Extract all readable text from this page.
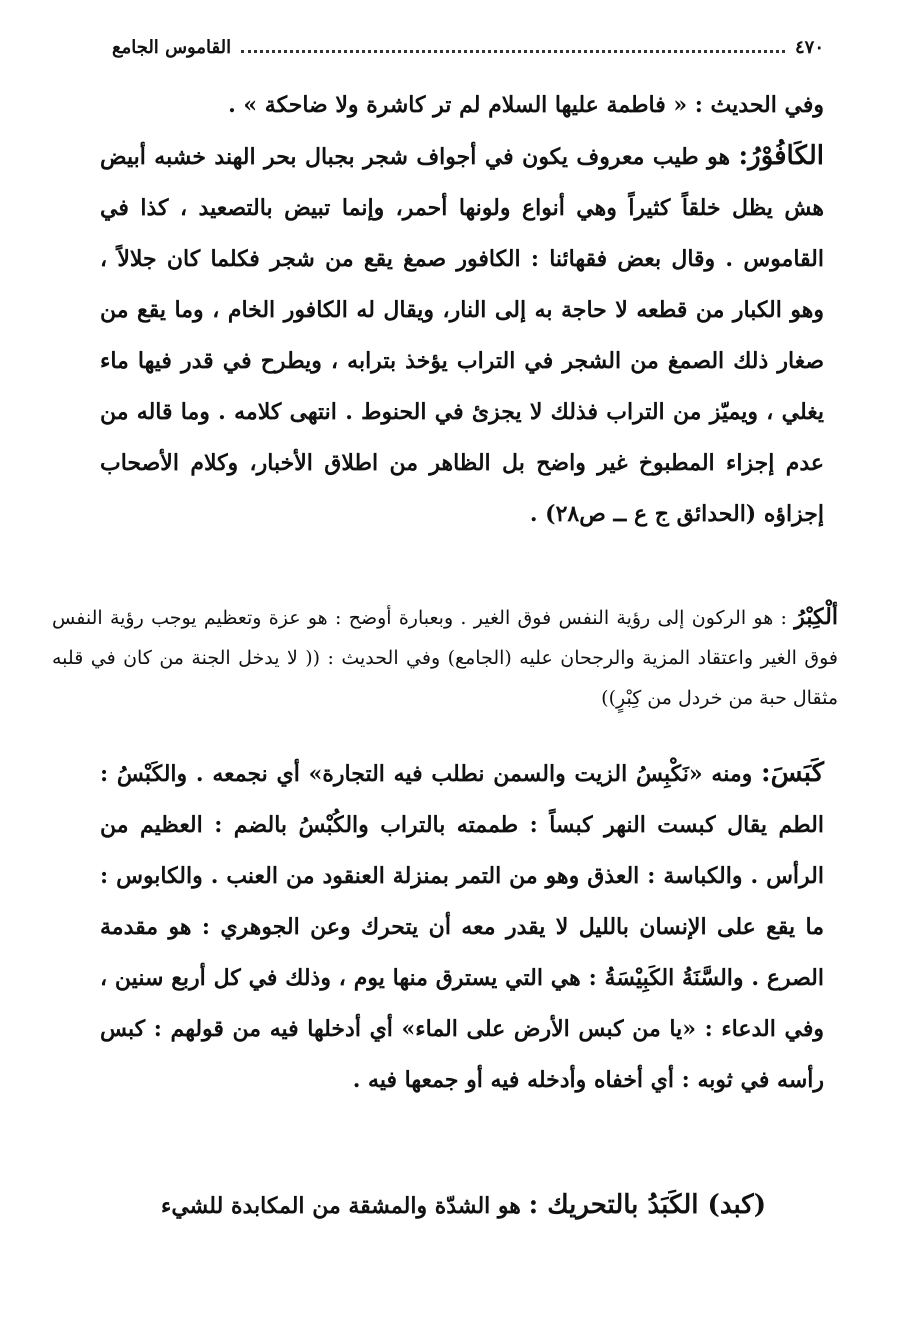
٤٧٠
القاموس الجامع

وفي الحديث : « فاطمة عليها السلام لم تر كاشرة ولا ضاحكة » .
الكَافُوْرُ: هو طيب معروف يكون في أجواف شجر بجبال بحر الهند خشبه أبيض هش يظل خلقاً كثيراً وهي أنواع ولونها أحمر، وإنما تبيض بالتصعيد ، كذا في القاموس . وقال بعض فقهائنا : الكافور صمغ يقع من شجر فكلما كان جلالاً ، وهو الكبار من قطعه لا حاجة به إلى النار، ويقال له الكافور الخام ، وما يقع من صغار ذلك الصمغ من الشجر في التراب يؤخذ بترابه ، ويطرح في قدر فيها ماء يغلي ، ويميّز من التراب فذلك لا يجزئ في الحنوط . انتهى كلامه . وما قاله من عدم إجزاء المطبوخ غير واضح بل الظاهر من اطلاق الأخبار، وكلام الأصحاب إجزاؤه (الحدائق ج ع ــ ص٢٨) .

ألْكِبْرُ : هو الركون إلى رؤية النفس فوق الغير . وبعبارة أوضح : هو عزة وتعظيم يوجب رؤية النفس فوق الغير واعتقاد المزية والرجحان عليه (الجامع) وفي الحديث : (( لا يدخل الجنة من كان في قلبه مثقال حبة من خردل من كِبْرٍ))

كَبَسَ: ومنه «نَكْبِسُ الزيت والسمن نطلب فيه التجارة» أي نجمعه . والكَبْسُ : الطم يقال كبست النهر كبساً : طممته بالتراب والكُبْسُ بالضم : العظيم من الرأس . والكباسة : العذق وهو من التمر بمنزلة العنقود من العنب . والكابوس : ما يقع على الإنسان بالليل لا يقدر معه أن يتحرك وعن الجوهري : هو مقدمة الصرع . والسَّنَةُ الكَبِيْسَةُ : هي التي يسترق منها يوم ، وذلك في كل أربع سنين ، وفي الدعاء : «يا من كبس الأرض على الماء» أي أدخلها فيه من قولهم : كبس رأسه في ثوبه : أي أخفاه وأدخله فيه أو جمعها فيه .

(كبد) الكَبَدُ بالتحريك : هو الشدّة والمشقة من المكابدة للشيء
